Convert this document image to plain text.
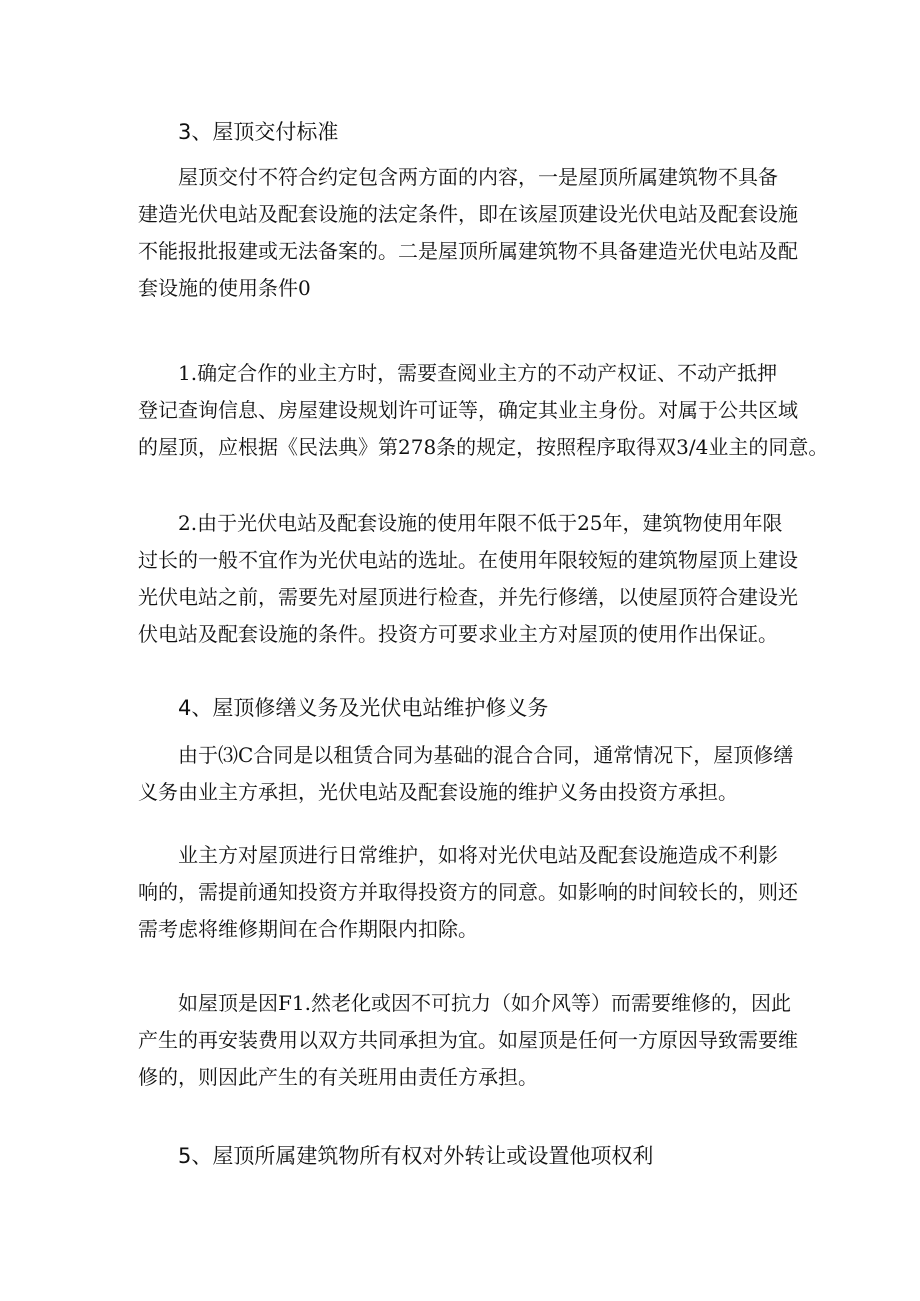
3、屋顶交付标准
屋顶交付不符合约定包含两方面的内容，一是屋顶所属建筑物不具备
建造光伏电站及配套设施的法定条件，即在该屋顶建设光伏电站及配套设施
不能报批报建或无法备案的。二是屋顶所属建筑物不具备建造光伏电站及配
套设施的使用条件0
1.确定合作的业主方时，需要查阅业主方的不动产权证、不动产抵押
登记查询信息、房屋建设规划许可证等，确定其业主身份。对属于公共区域
的屋顶，应根据《民法典》第278条的规定，按照程序取得双3/4业主的同意。
2.由于光伏电站及配套设施的使用年限不低于25年，建筑物使用年限
过长的一般不宜作为光伏电站的选址。在使用年限较短的建筑物屋顶上建设
光伏电站之前，需要先对屋顶进行检查，并先行修缮，以使屋顶符合建设光
伏电站及配套设施的条件。投资方可要求业主方对屋顶的使用作出保证。
4、屋顶修缮义务及光伏电站维护修义务
由于⑶C合同是以租赁合同为基础的混合合同，通常情况下，屋顶修缮
义务由业主方承担，光伏电站及配套设施的维护义务由投资方承担。
业主方对屋顶进行日常维护，如将对光伏电站及配套设施造成不利影
响的，需提前通知投资方并取得投资方的同意。如影响的时间较长的，则还
需考虑将维修期间在合作期限内扣除。
如屋顶是因F1.然老化或因不可抗力（如介风等）而需要维修的，因此
产生的再安装费用以双方共同承担为宜。如屋顶是任何一方原因导致需要维
修的，则因此产生的有关班用由责任方承担。
5、屋顶所属建筑物所有权对外转让或设置他项权利
